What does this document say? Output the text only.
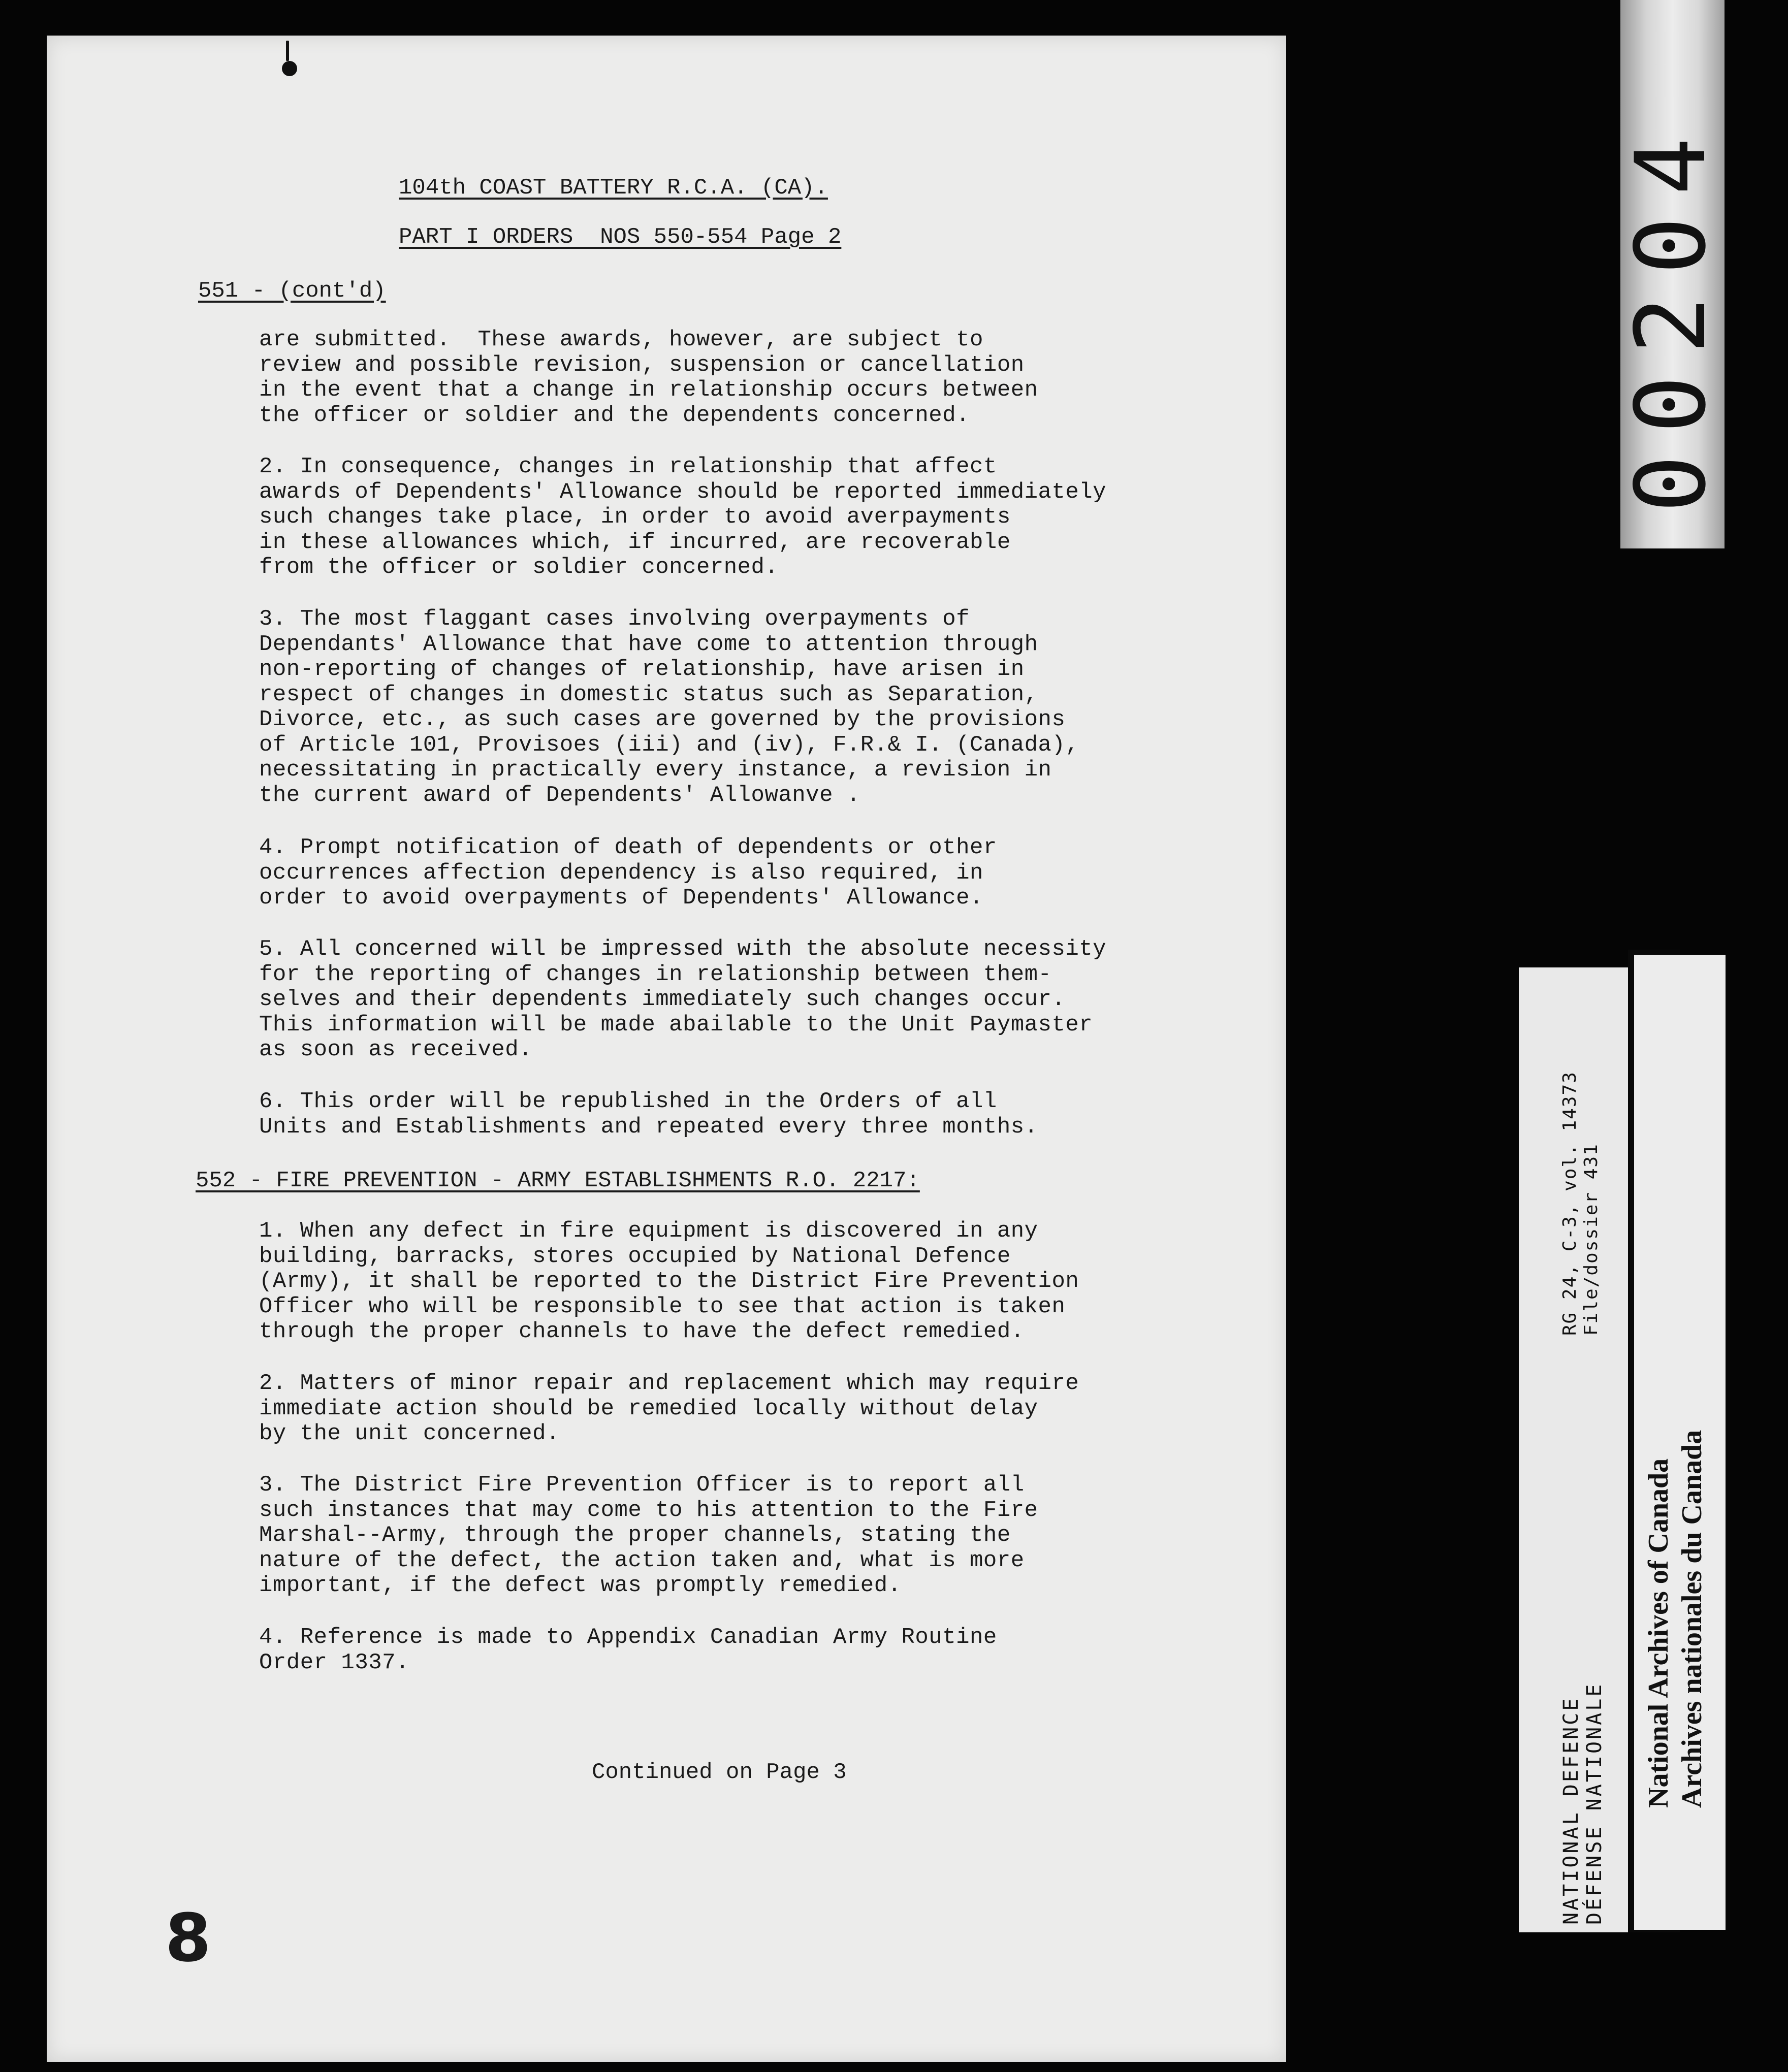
104th COAST BATTERY R.C.A. (CA).
PART I ORDERS  NOS 550-554 Page 2
551 - (cont'd)
are submitted.  These awards, however, are subject to
review and possible revision, suspension or cancellation
in the event that a change in relationship occurs between
the officer or soldier and the dependents concerned.
2. In consequence, changes in relationship that affect
awards of Dependents' Allowance should be reported immediately
such changes take place, in order to avoid averpayments
in these allowances which, if incurred, are recoverable
from the officer or soldier concerned.
3. The most flaggant cases involving overpayments of
Dependants' Allowance that have come to attention through
non-reporting of changes of relationship, have arisen in
respect of changes in domestic status such as Separation,
Divorce, etc., as such cases are governed by the provisions
of Article 101, Provisoes (iii) and (iv), F.R.& I. (Canada),
necessitating in practically every instance, a revision in
the current award of Dependents' Allowanve .
4. Prompt notification of death of dependents or other
occurrences affection dependency is also required, in
order to avoid overpayments of Dependents' Allowance.
5. All concerned will be impressed with the absolute necessity
for the reporting of changes in relationship between them-
selves and their dependents immediately such changes occur.
This information will be made abailable to the Unit Paymaster
as soon as received.
6. This order will be republished in the Orders of all
Units and Establishments and repeated every three months.
552 - FIRE PREVENTION - ARMY ESTABLISHMENTS R.O. 2217:
1. When any defect in fire equipment is discovered in any
building, barracks, stores occupied by National Defence
(Army), it shall be reported to the District Fire Prevention
Officer who will be responsible to see that action is taken
through the proper channels to have the defect remedied.
2. Matters of minor repair and replacement which may require
immediate action should be remedied locally without delay
by the unit concerned.
3. The District Fire Prevention Officer is to report all
such instances that may come to his attention to the Fire
Marshal--Army, through the proper channels, stating the
nature of the defect, the action taken and, what is more
important, if the defect was promptly remedied.
4. Reference is made to Appendix Canadian Army Routine
Order 1337.
Continued on Page 3
8
00204
NATIONAL DEFENCE DÉFENSE NATIONALE
RG 24, C-3, vol. 14373 File/dossier 431
National Archives of Canada Archives nationales du Canada
